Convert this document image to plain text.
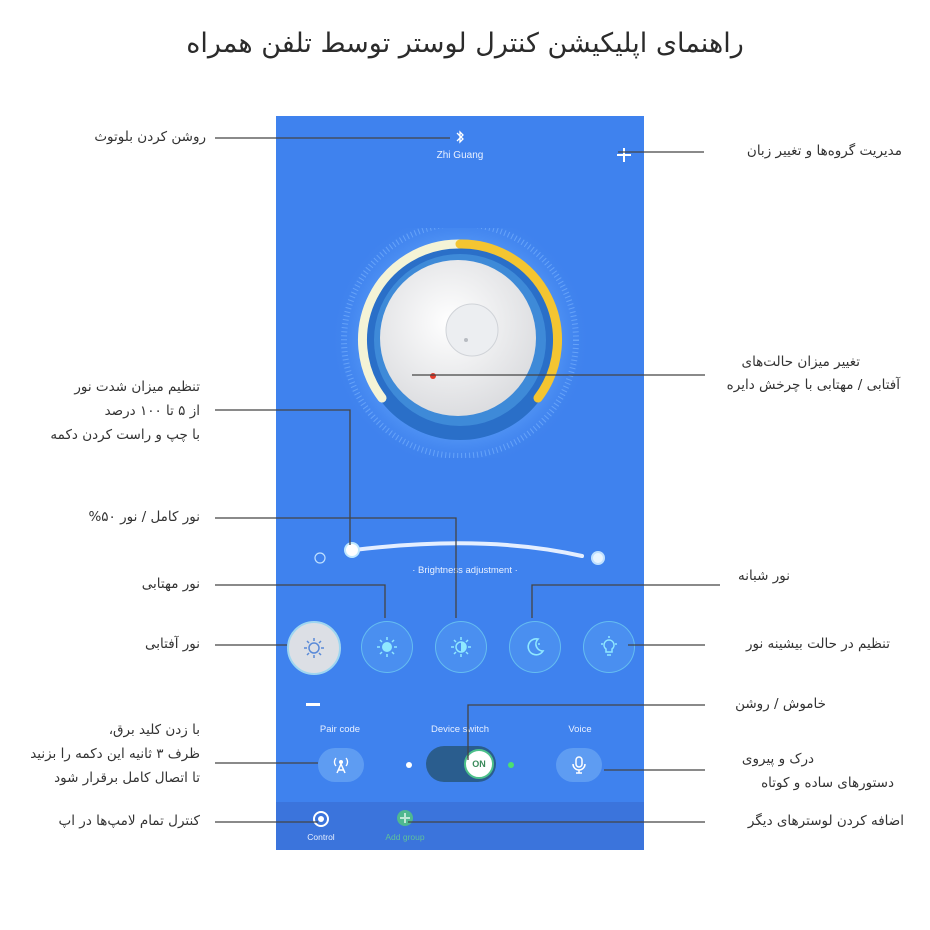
راهنمای اپلیکیشن کنترل لوستر توسط تلفن همراه
Zhi Guang
· Brightness adjustment ·
Pair code	Device switch	Voice
ON
Control	Add group
روشن کردن بلوتوث
مدیریت گروه‌ها و تغییر زبان
تغییر میزان حالت‌های
آفتابی / مهتابی با چرخش دایره
تنظیم میزان شدت نور
از ۵ تا ۱۰۰ درصد
با چپ و راست کردن دکمه
نور کامل / نور ۵۰%
نور مهتابی	نور شبانه
نور آفتابی	تنظیم در حالت بیشینه نور
خاموش / روشن
با زدن کلید برق،
ظرف ۳ ثانیه این دکمه را بزنید
تا اتصال کامل برقرار شود
درک و پیروی
دستورهای ساده و کوتاه
کنترل تمام لامپ‌ها در اپ	اضافه کردن لوسترهای دیگر
